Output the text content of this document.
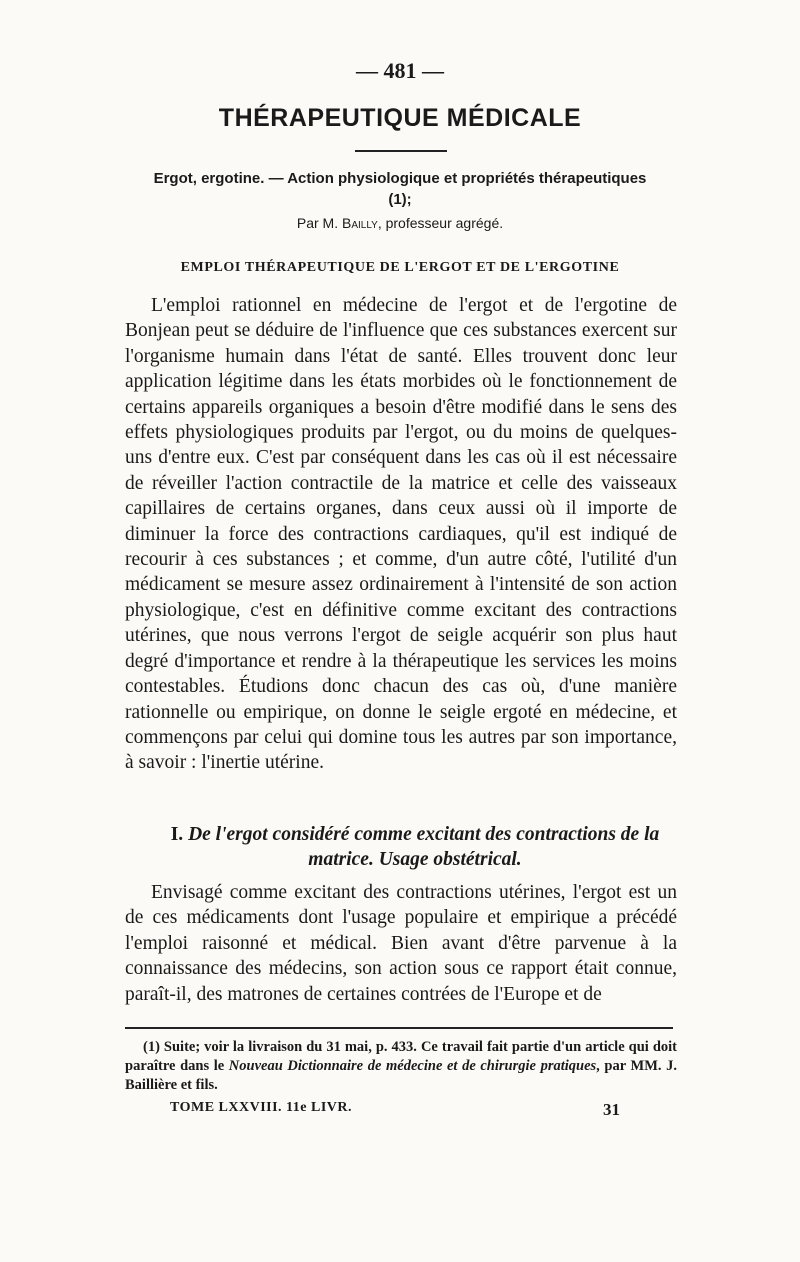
— 481 —
THÉRAPEUTIQUE MÉDICALE
Ergot, ergotine. — Action physiologique et propriétés thérapeutiques (1);
Par M. Bailly, professeur agrégé.
EMPLOI THÉRAPEUTIQUE DE L'ERGOT ET DE L'ERGOTINE

L'emploi rationnel en médecine de l'ergot et de l'ergotine de Bonjean peut se déduire de l'influence que ces substances exercent sur l'organisme humain dans l'état de santé. Elles trouvent donc leur application légitime dans les états morbides où le fonctionnement de certains appareils organiques a besoin d'être modifié dans le sens des effets physiologiques produits par l'ergot, ou du moins de quelques-uns d'entre eux. C'est par conséquent dans les cas où il est nécessaire de réveiller l'action contractile de la matrice et celle des vaisseaux capillaires de certains organes, dans ceux aussi où il importe de diminuer la force des contractions cardiaques, qu'il est indiqué de recourir à ces substances ; et comme, d'un autre côté, l'utilité d'un médicament se mesure assez ordinairement à l'intensité de son action physiologique, c'est en définitive comme excitant des contractions utérines, que nous verrons l'ergot de seigle acquérir son plus haut degré d'importance et rendre à la thérapeutique les services les moins contestables. Étudions donc chacun des cas où, d'une manière rationnelle ou empirique, on donne le seigle ergoté en médecine, et commençons par celui qui domine tous les autres par son importance, à savoir : l'inertie utérine.

I. De l'ergot considéré comme excitant des contractions de la matrice. Usage obstétrical.

Envisagé comme excitant des contractions utérines, l'ergot est un de ces médicaments dont l'usage populaire et empirique a précédé l'emploi raisonné et médical. Bien avant d'être parvenue à la connaissance des médecins, son action sous ce rapport était connue, paraît-il, des matrones de certaines contrées de l'Europe et de

(1) Suite; voir la livraison du 31 mai, p. 433. Ce travail fait partie d'un article qui doit paraître dans le Nouveau Dictionnaire de médecine et de chirurgie pratiques, par MM. J. Baillière et fils.

TOME LXXVIII. 11e LIVR.	31
